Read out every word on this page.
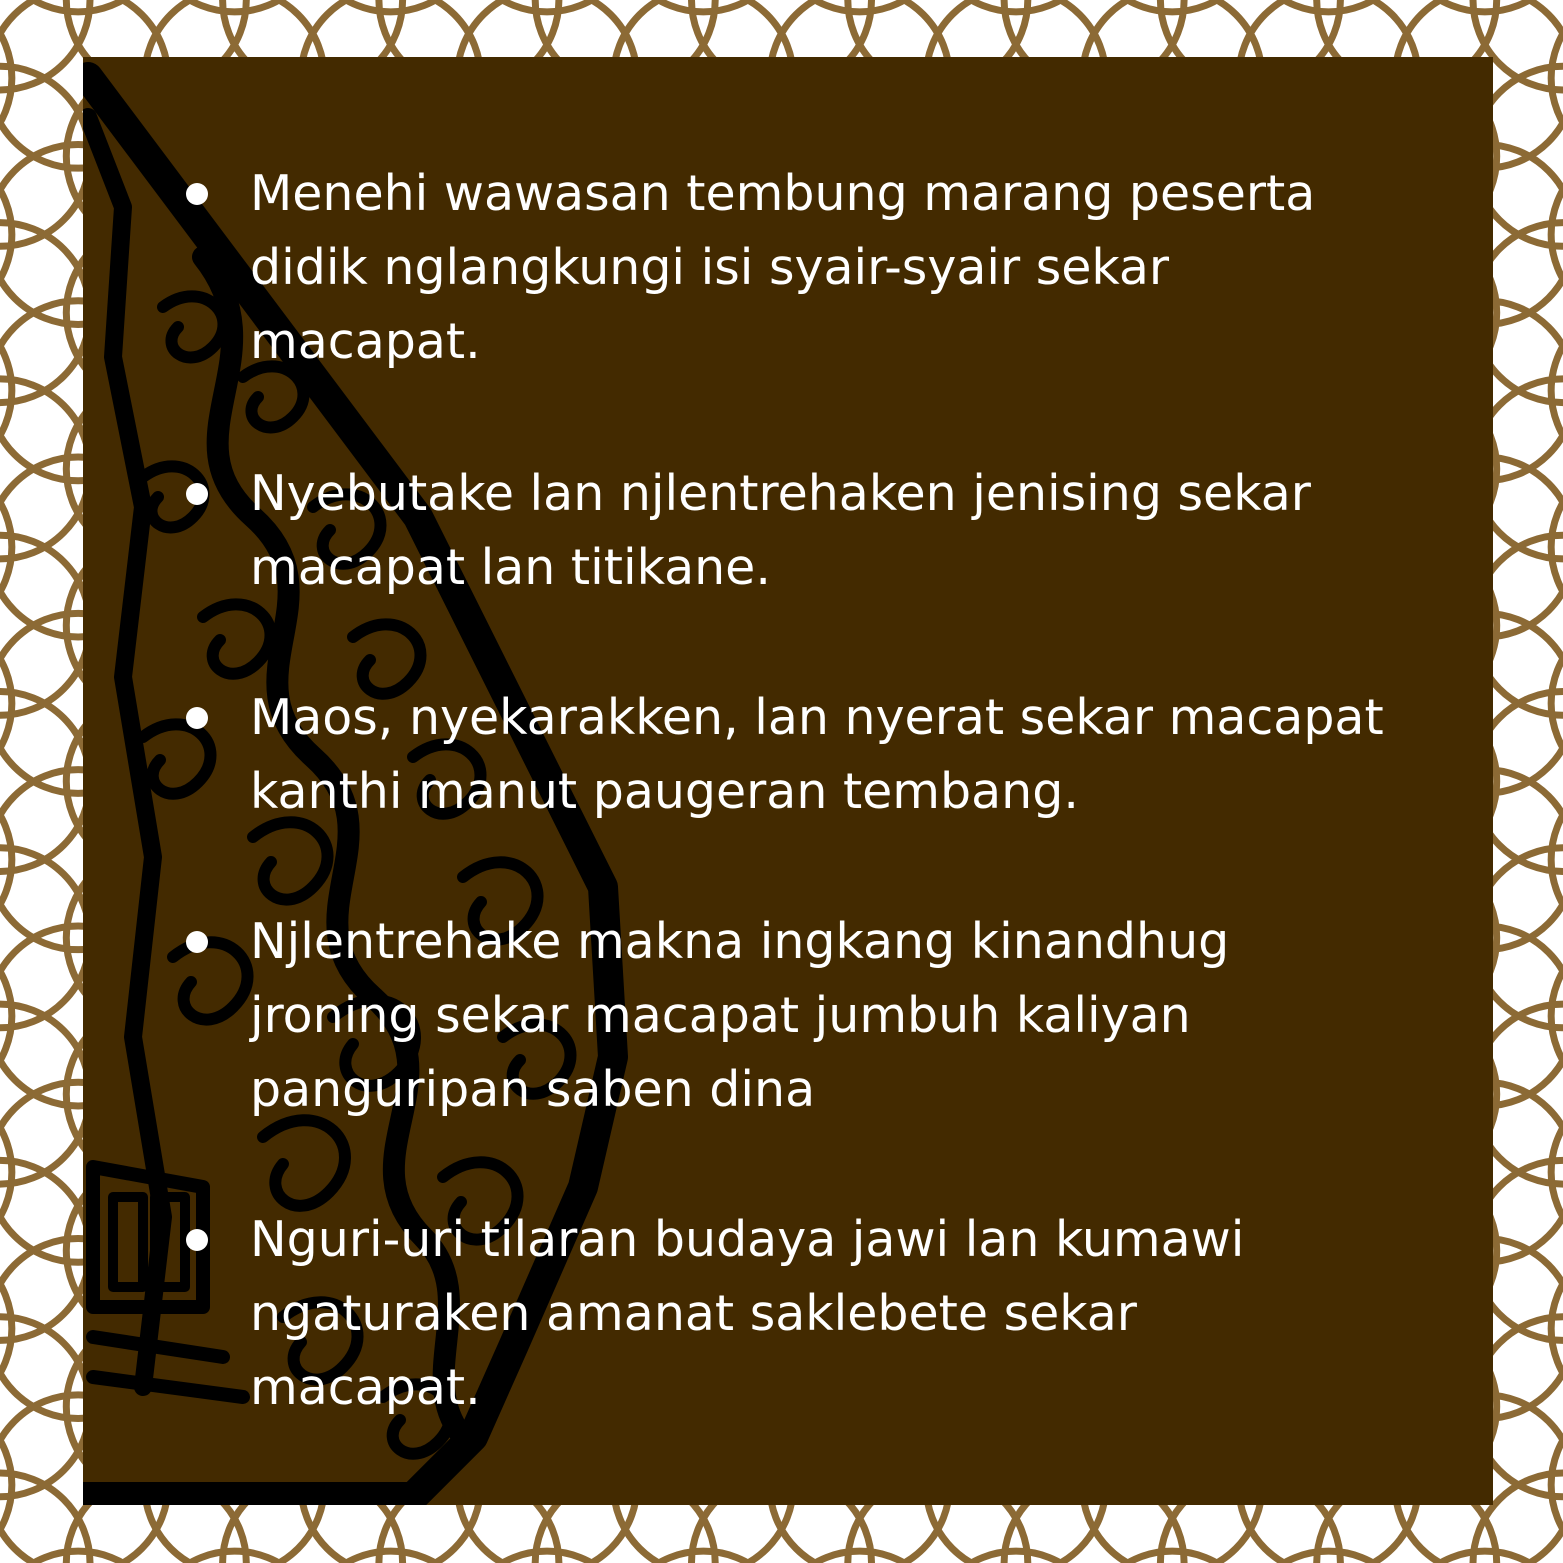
Menehi wawasan tembung marang peserta
didik nglangkungi isi syair-syair sekar
macapat.
Nyebutake lan njlentrehaken jenising sekar
macapat lan titikane.
Maos, nyekarakken, lan nyerat sekar macapat
kanthi manut paugeran tembang.
Njlentrehake makna ingkang kinandhug
jroning sekar macapat jumbuh kaliyan
panguripan saben dina
Nguri-uri tilaran budaya jawi lan kumawi
ngaturaken amanat saklebete sekar
macapat.
